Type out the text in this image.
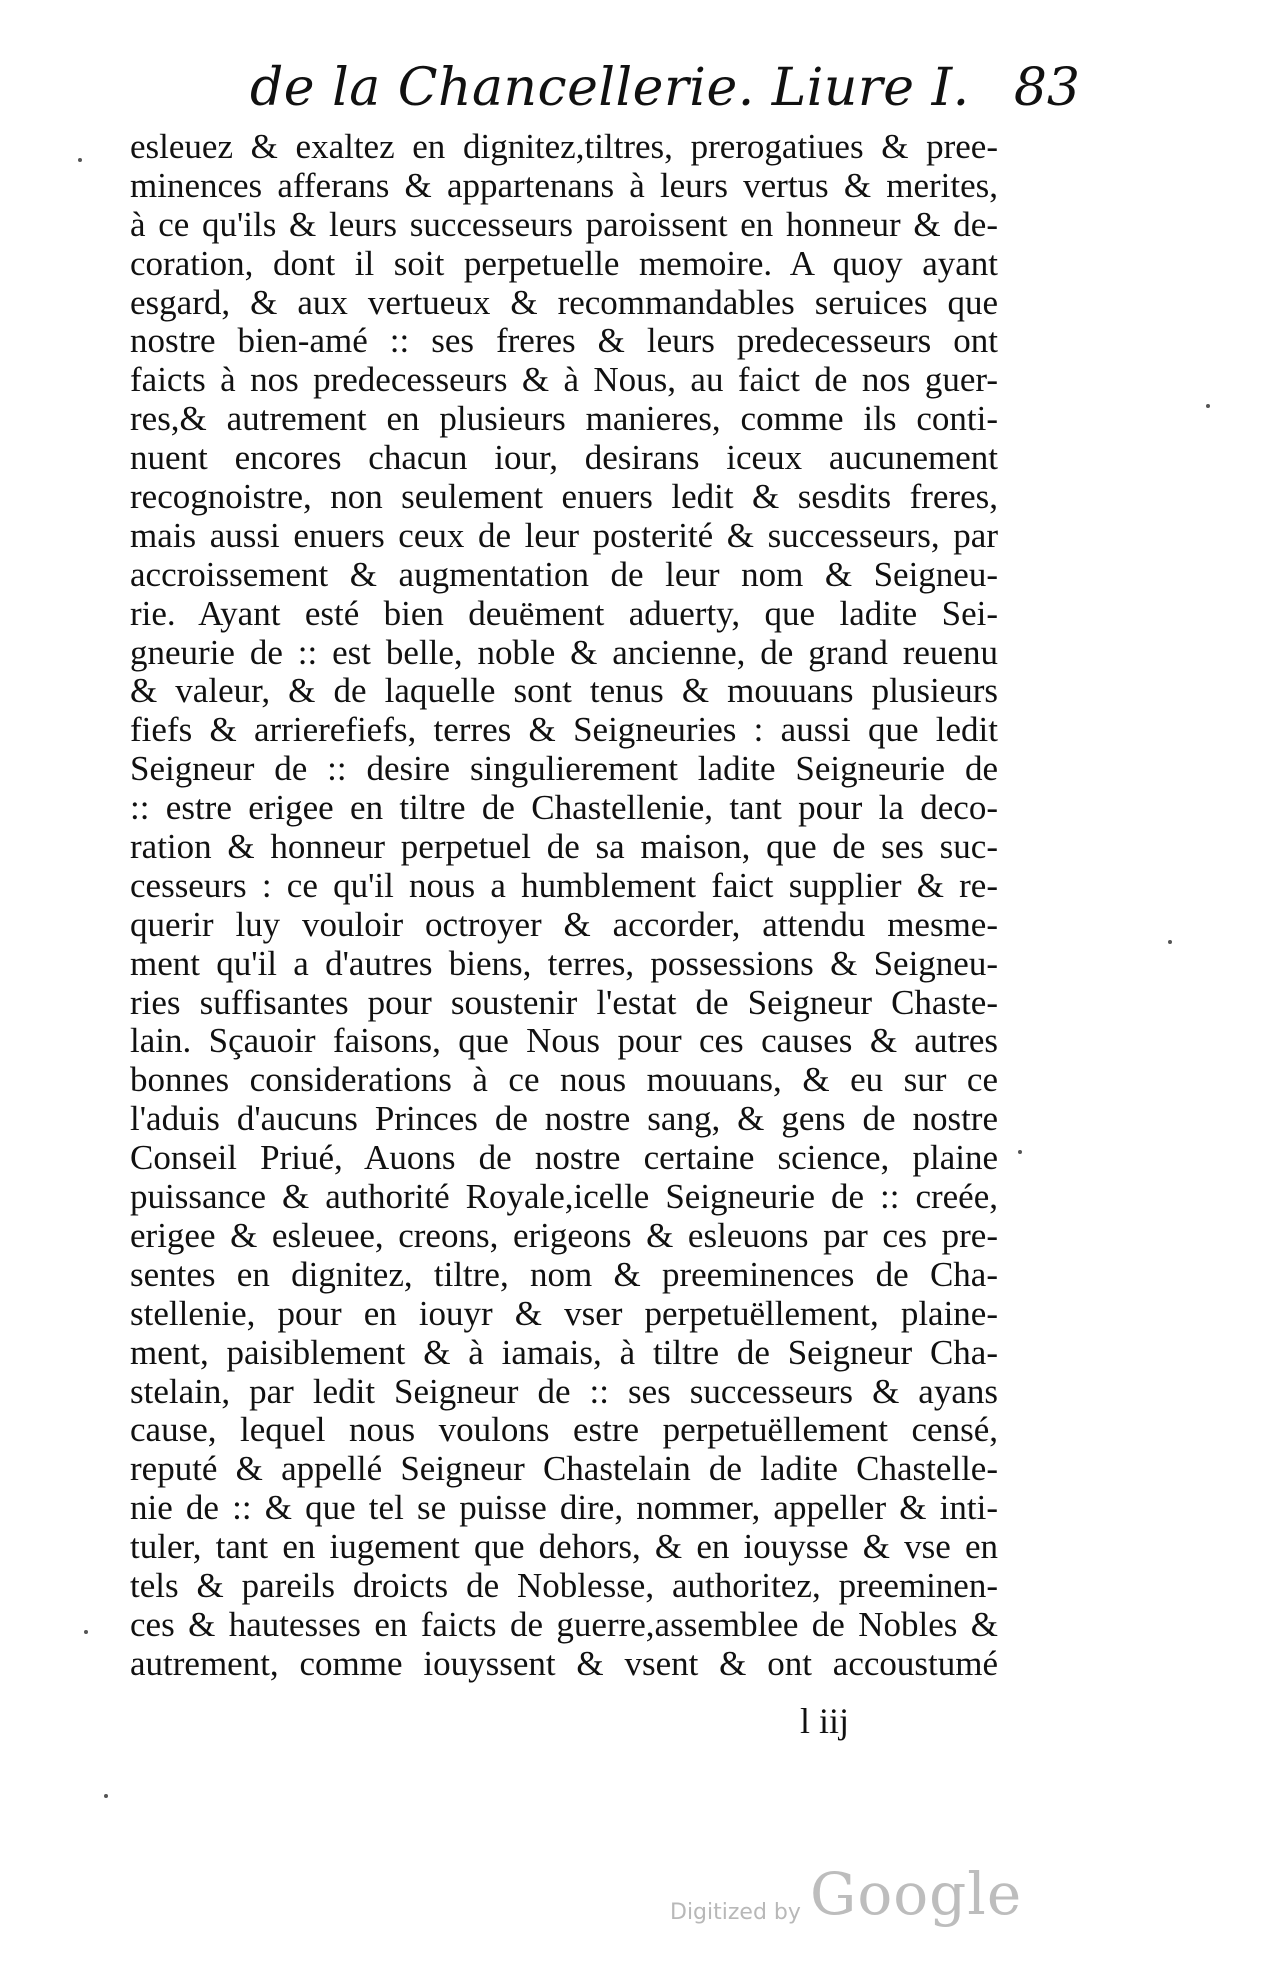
de la Chancellerie. Liure I. 83
esleuez & exaltez en dignitez,tiltres, prerogatiues & pree-
minences afferans & appartenans à leurs vertus & merites,
à ce qu'ils & leurs successeurs paroissent en honneur & de-
coration, dont il soit perpetuelle memoire. A quoy ayant
esgard, & aux vertueux & recommandables seruices que
nostre bien-amé :: ses freres & leurs predecesseurs ont
faicts à nos predecesseurs & à Nous, au faict de nos guer-
res,& autrement en plusieurs manieres, comme ils conti-
nuent encores chacun iour, desirans iceux aucunement
recognoistre, non seulement enuers ledit & sesdits freres,
mais aussi enuers ceux de leur posterité & successeurs, par
accroissement & augmentation de leur nom & Seigneu-
rie. Ayant esté bien deuëment aduerty, que ladite Sei-
gneurie de :: est belle, noble & ancienne, de grand reuenu
& valeur, & de laquelle sont tenus & mouuans plusieurs
fiefs & arrierefiefs, terres & Seigneuries : aussi que ledit
Seigneur de :: desire singulierement ladite Seigneurie de
:: estre erigee en tiltre de Chastellenie, tant pour la deco-
ration & honneur perpetuel de sa maison, que de ses suc-
cesseurs : ce qu'il nous a humblement faict supplier & re-
querir luy vouloir octroyer & accorder, attendu mesme-
ment qu'il a d'autres biens, terres, possessions & Seigneu-
ries suffisantes pour soustenir l'estat de Seigneur Chaste-
lain. Sçauoir faisons, que Nous pour ces causes & autres
bonnes considerations à ce nous mouuans, & eu sur ce
l'aduis d'aucuns Princes de nostre sang, & gens de nostre
Conseil Priué, Auons de nostre certaine science, plaine
puissance & authorité Royale,icelle Seigneurie de :: creée,
erigee & esleuee, creons, erigeons & esleuons par ces pre-
sentes en dignitez, tiltre, nom & preeminences de Cha-
stellenie, pour en iouyr & vser perpetuëllement, plaine-
ment, paisiblement & à iamais, à tiltre de Seigneur Cha-
stelain, par ledit Seigneur de :: ses successeurs & ayans
cause, lequel nous voulons estre perpetuëllement censé,
reputé & appellé Seigneur Chastelain de ladite Chastelle-
nie de :: & que tel se puisse dire, nommer, appeller & inti-
tuler, tant en iugement que dehors, & en iouysse & vse en
tels & pareils droicts de Noblesse, authoritez, preeminen-
ces & hautesses en faicts de guerre,assemblee de Nobles &
autrement, comme iouyssent & vsent & ont accoustumé
l iij
Digitized by Google
